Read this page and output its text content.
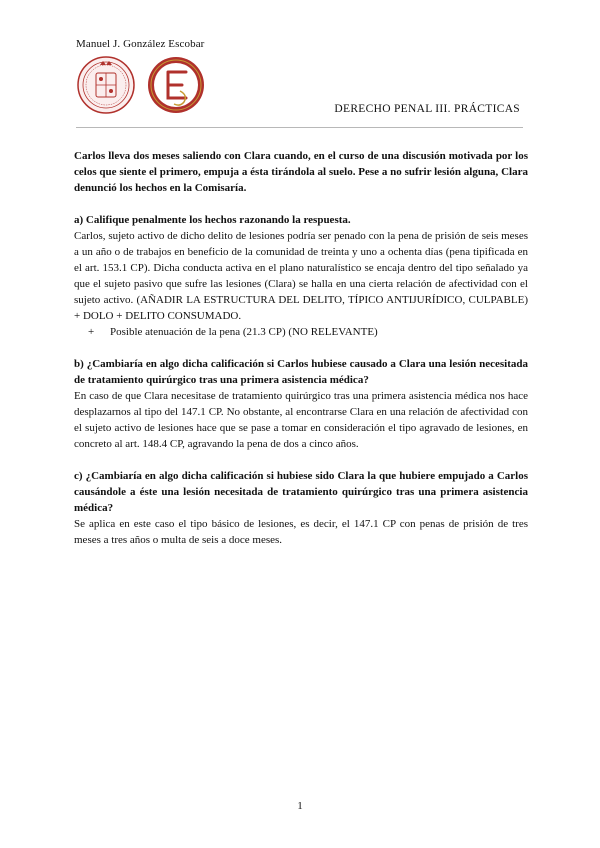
Manuel J. González Escobar
DERECHO PENAL III. PRÁCTICAS

Carlos lleva dos meses saliendo con Clara cuando, en el curso de una discusión motivada por los celos que siente el primero, empuja a ésta tirándola al suelo. Pese a no sufrir lesión alguna, Clara denunció los hechos en la Comisaría.

a) Califique penalmente los hechos razonando la respuesta.

Carlos, sujeto activo de dicho delito de lesiones podría ser penado con la pena de prisión de seis meses a un año o de trabajos en beneficio de la comunidad de treinta y uno a ochenta días (pena tipificada en el art. 153.1 CP). Dicha conducta activa en el plano naturalístico se encaja dentro del tipo señalado ya que el sujeto pasivo que sufre las lesiones (Clara) se halla en una cierta relación de afectividad con el sujeto activo. (AÑADIR LA ESTRUCTURA DEL DELITO, TÍPICO ANTIJURÍDICO, CULPABLE) + DOLO + DELITO CONSUMADO.

+	Posible atenuación de la pena (21.3 CP) (NO RELEVANTE)

b) ¿Cambiaría en algo dicha calificación si Carlos hubiese causado a Clara una lesión necesitada de tratamiento quirúrgico tras una primera asistencia médica?

En caso de que Clara necesitase de tratamiento quirúrgico tras una primera asistencia médica nos hace desplazarnos al tipo del 147.1 CP. No obstante, al encontrarse Clara en una relación de afectividad con el sujeto activo de lesiones hace que se pase a tomar en consideración el tipo agravado de lesiones, en concreto al art. 148.4 CP, agravando la pena de dos a cinco años.

c) ¿Cambiaría en algo dicha calificación si hubiese sido Clara la que hubiere empujado a Carlos causándole a éste una lesión necesitada de tratamiento quirúrgico tras una primera asistencia médica?

Se aplica en este caso el tipo básico de lesiones, es decir, el 147.1 CP con penas de prisión de tres meses a tres años o multa de seis a doce meses.

1
